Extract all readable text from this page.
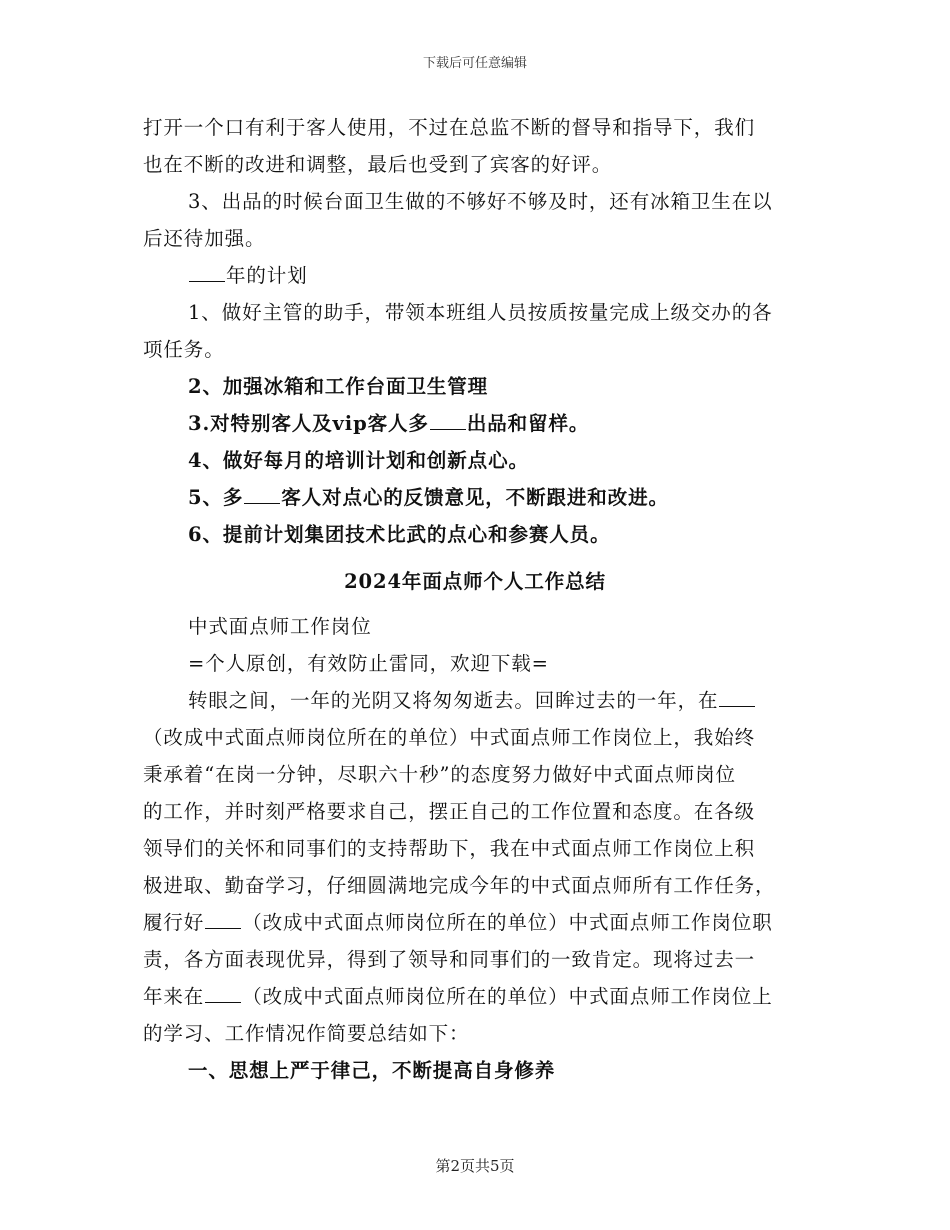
下载后可任意编辑
打开一个口有利于客人使用，不过在总监不断的督导和指导下，我们
也在不断的改进和调整，最后也受到了宾客的好评。
3、出品的时候台面卫生做的不够好不够及时，还有冰箱卫生在以
后还待加强。
年的计划
1、做好主管的助手，带领本班组人员按质按量完成上级交办的各
项任务。
2、加强冰箱和工作台面卫生管理
3.对特别客人及vip客人多 出品和留样。
4、做好每月的培训计划和创新点心。
5、多 客人对点心的反馈意见，不断跟进和改进。
6、提前计划集团技术比武的点心和参赛人员。
2024年面点师个人工作总结
中式面点师工作岗位
=个人原创，有效防止雷同，欢迎下载=
转眼之间，一年的光阴又将匆匆逝去。回眸过去的一年，在
（改成中式面点师岗位所在的单位）中式面点师工作岗位上，我始终
秉承着“在岗一分钟，尽职六十秒”的态度努力做好中式面点师岗位
的工作，并时刻严格要求自己，摆正自己的工作位置和态度。在各级
领导们的关怀和同事们的支持帮助下，我在中式面点师工作岗位上积
极进取、勤奋学习，仔细圆满地完成今年的中式面点师所有工作任务，
履行好 （改成中式面点师岗位所在的单位）中式面点师工作岗位职
责，各方面表现优异，得到了领导和同事们的一致肯定。现将过去一
年来在 （改成中式面点师岗位所在的单位）中式面点师工作岗位上
的学习、工作情况作简要总结如下：
一、思想上严于律己，不断提高自身修养
第2页共5页
